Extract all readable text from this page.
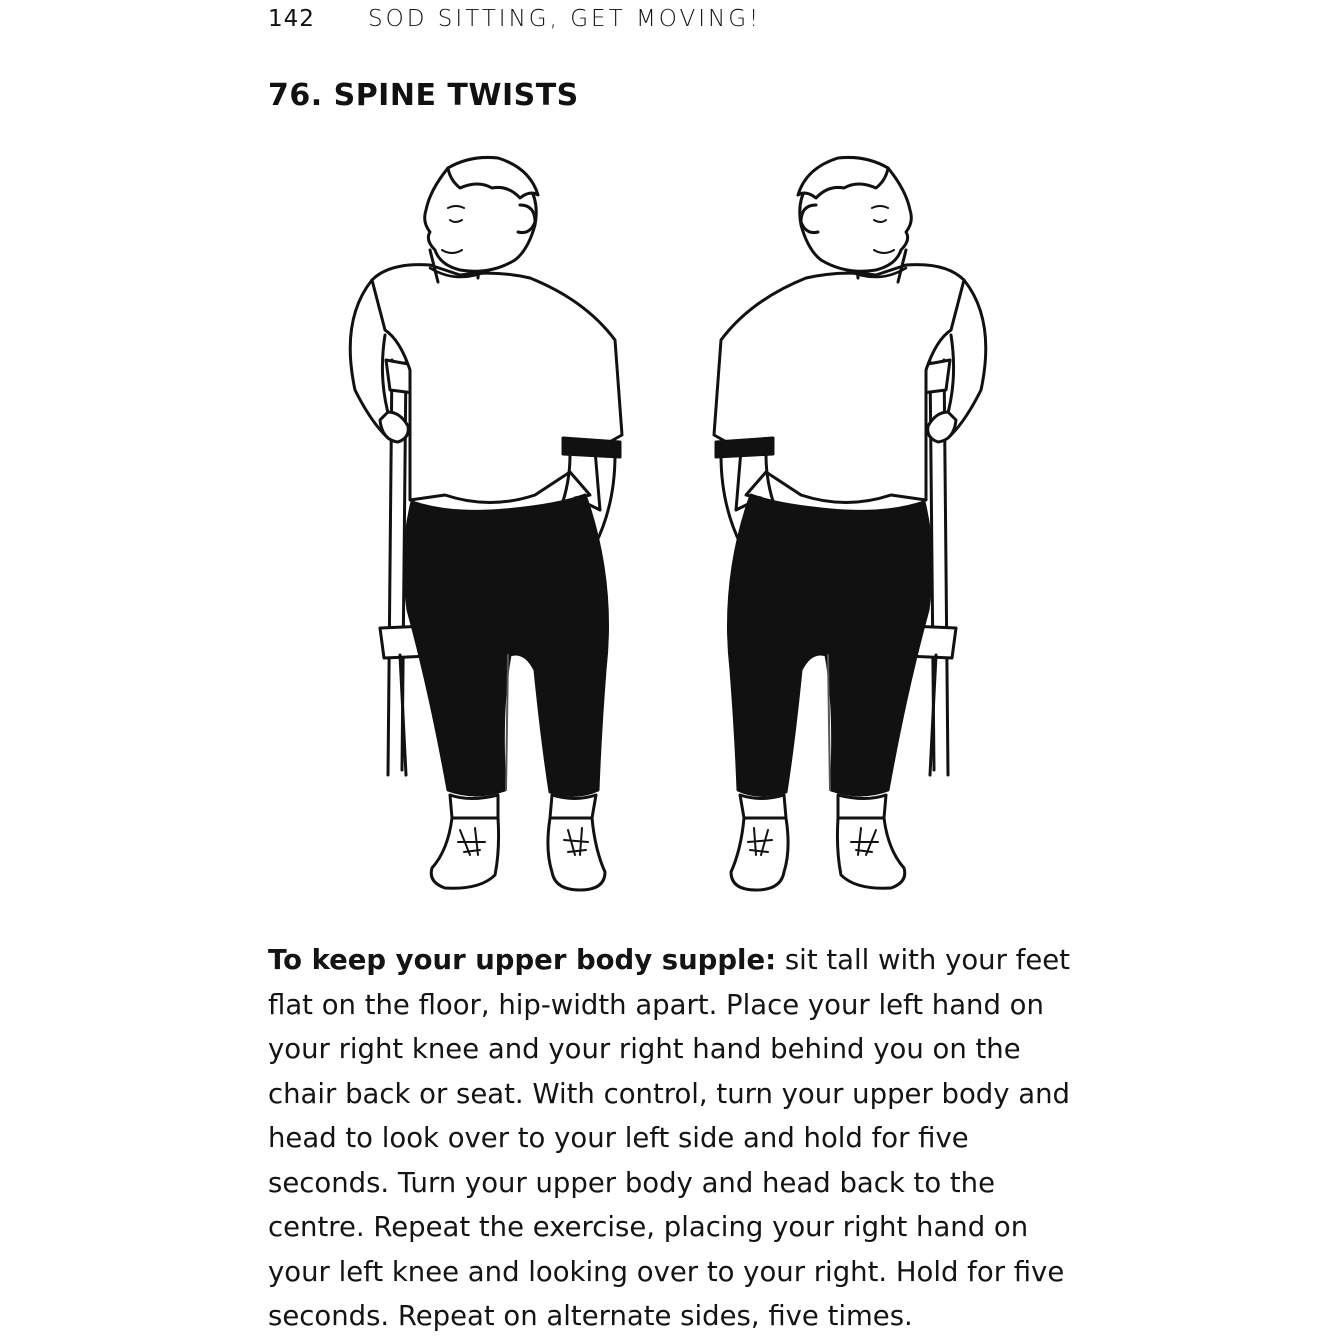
142	SOD SITTING, GET MOVING!
76. SPINE TWISTS

To keep your upper body supple: sit tall with your feet flat on the floor, hip-width apart. Place your left hand on your right knee and your right hand behind you on the chair back or seat. With control, turn your upper body and head to look over to your left side and hold for five seconds. Turn your upper body and head back to the centre. Repeat the exercise, placing your right hand on your left knee and looking over to your right. Hold for five seconds. Repeat on alternate sides, five times.
